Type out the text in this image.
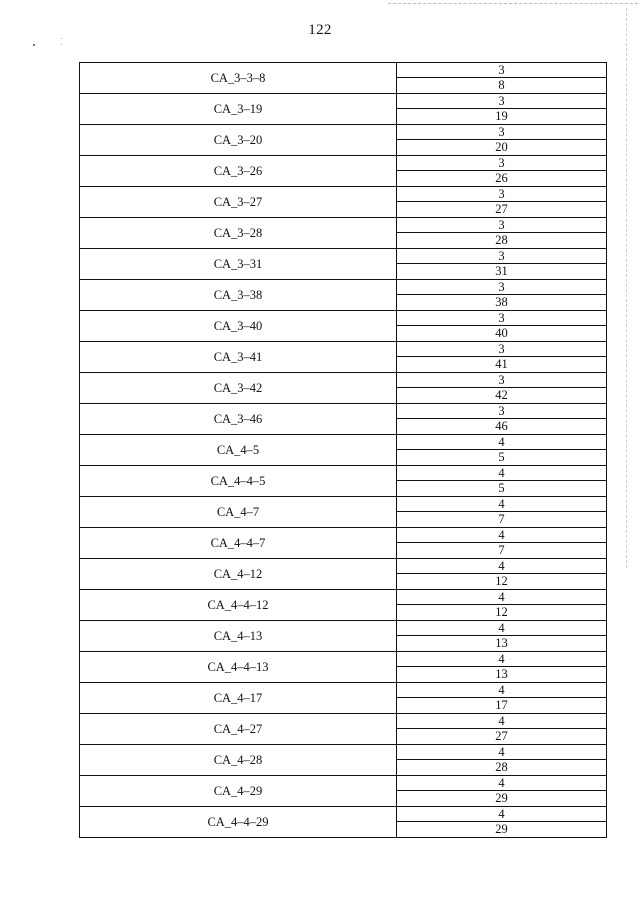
122
CA_3–3–8	3
	8
CA_3–19	3
	19
CA_3–20	3
	20
CA_3–26	3
	26
CA_3–27	3
	27
CA_3–28	3
	28
CA_3–31	3
	31
CA_3–38	3
	38
CA_3–40	3
	40
CA_3–41	3
	41
CA_3–42	3
	42
CA_3–46	3
	46
CA_4–5	4
	5
CA_4–4–5	4
	5
CA_4–7	4
	7
CA_4–4–7	4
	7
CA_4–12	4
	12
CA_4–4–12	4
	12
CA_4–13	4
	13
CA_4–4–13	4
	13
CA_4–17	4
	17
CA_4–27	4
	27
CA_4–28	4
	28
CA_4–29	4
	29
CA_4–4–29	4
	29
